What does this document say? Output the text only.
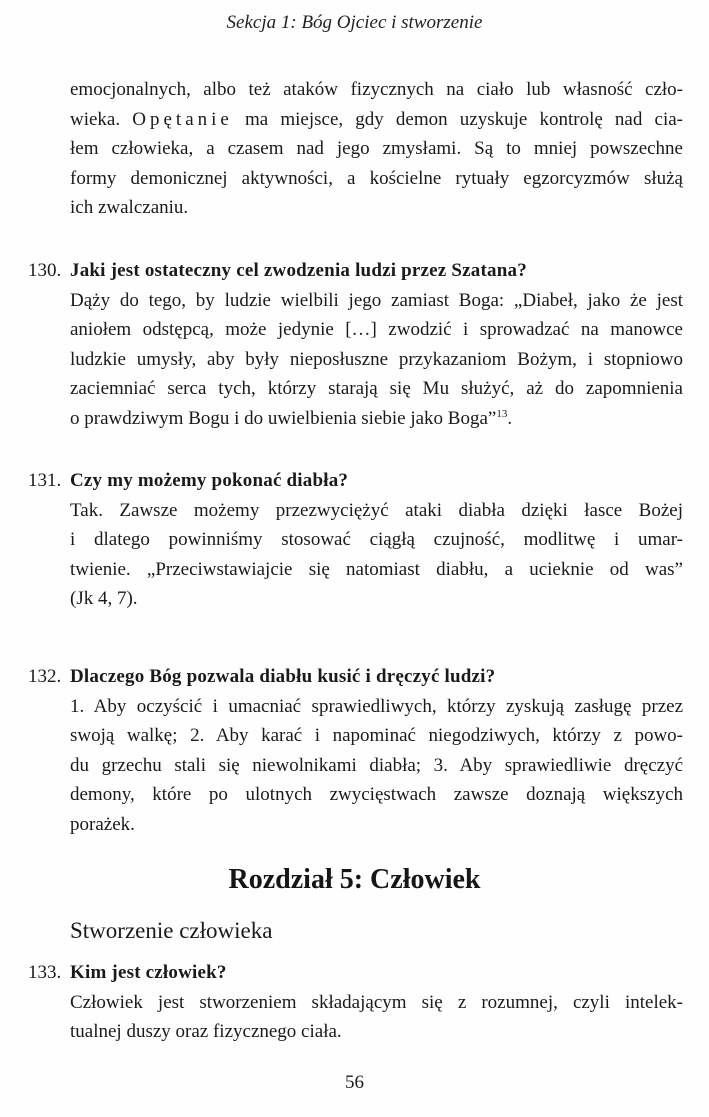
Sekcja 1: Bóg Ojciec i stworzenie
emocjonalnych, albo też ataków fizycznych na ciało lub własność czło-
wieka. Opętanie ma miejsce, gdy demon uzyskuje kontrolę nad cia-
łem człowieka, a czasem nad jego zmysłami. Są to mniej powszechne
formy demonicznej aktywności, a kościelne rytuały egzorcyzmów służą
ich zwalczaniu.
130. Jaki jest ostateczny cel zwodzenia ludzi przez Szatana?
Dąży do tego, by ludzie wielbili jego zamiast Boga: „Diabeł, jako że jest
aniołem odstępcą, może jedynie […] zwodzić i sprowadzać na manowce
ludzkie umysły, aby były nieposłuszne przykazaniom Bożym, i stopniowo
zaciemniać serca tych, którzy starają się Mu służyć, aż do zapomnienia
o prawdziwym Bogu i do uwielbienia siebie jako Boga”$^{13}$.
131. Czy my możemy pokonać diabła?
Tak. Zawsze możemy przezwyciężyć ataki diabła dzięki łasce Bożej
i dlatego powinniśmy stosować ciągłą czujność, modlitwę i umar-
twienie. „Przeciwstawiajcie się natomiast diabłu, a ucieknie od was”
(Jk 4, 7).
132. Dlaczego Bóg pozwala diabłu kusić i dręczyć ludzi?
1. Aby oczyścić i umacniać sprawiedliwych, którzy zyskują zasługę przez
swoją walkę; 2. Aby karać i napominać niegodziwych, którzy z powo-
du grzechu stali się niewolnikami diabła; 3. Aby sprawiedliwie dręczyć
demony, które po ulotnych zwycięstwach zawsze doznają większych
porażek.
Rozdział 5: Człowiek
Stworzenie człowieka
133. Kim jest człowiek?
Człowiek jest stworzeniem składającym się z rozumnej, czyli intelek-
tualnej duszy oraz fizycznego ciała.
56
